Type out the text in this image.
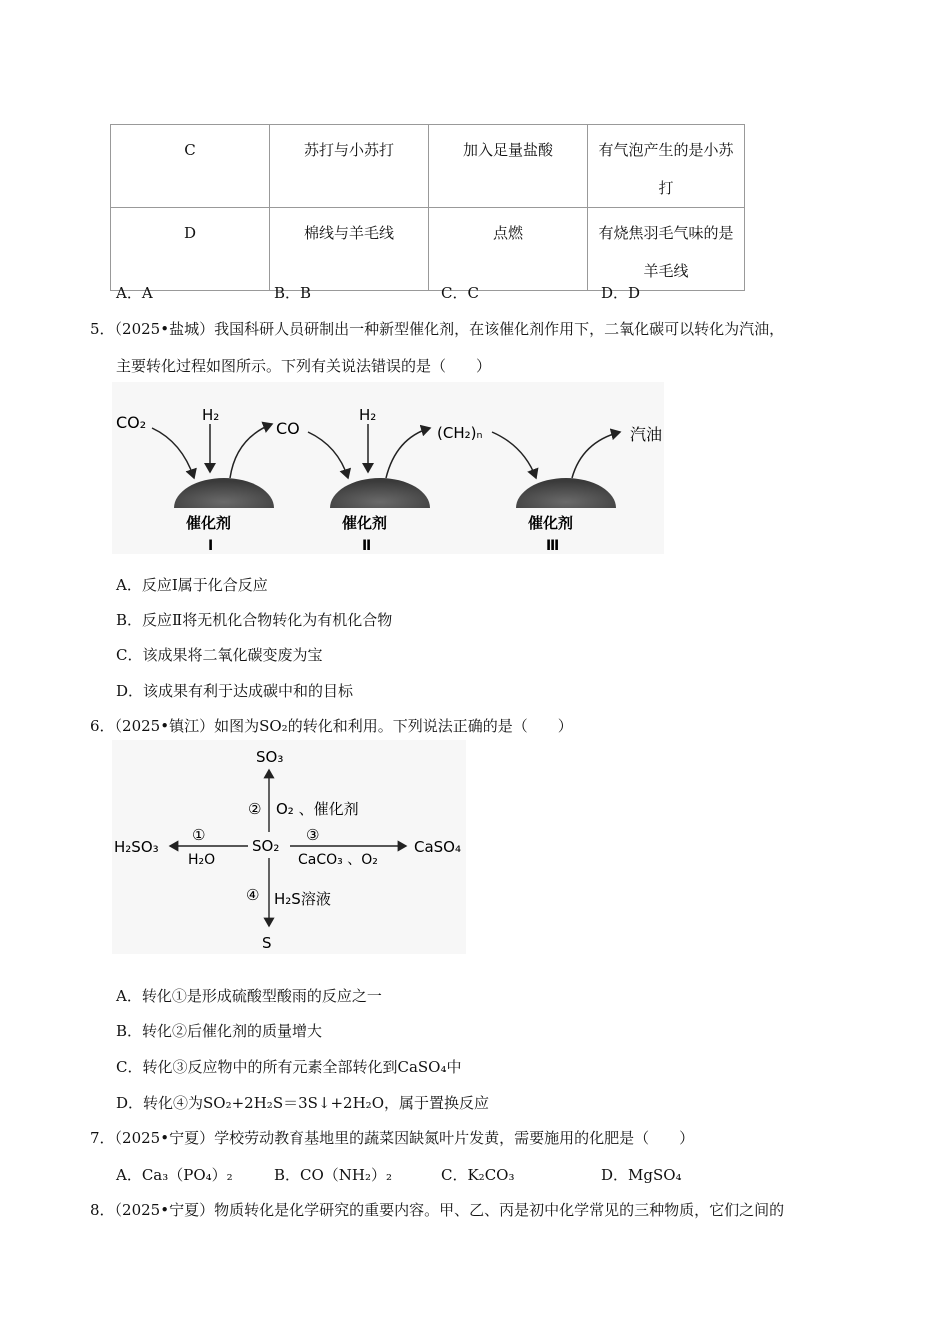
C	苏打与小苏打	加入足量盐酸	有气泡产生的是小苏
打
D	棉线与羊毛线	点燃	有烧焦羽毛气味的是
羊毛线
A．A	B．B	C．C	D．D
5．（2025•盐城）我国科研人员研制出一种新型催化剂，在该催化剂作用下，二氧化碳可以转化为汽油，
主要转化过程如图所示。下列有关说法错误的是（　　）
CO₂	H₂
CO
H₂
(CH₂)ₙ	汽油
催化剂
Ⅰ
催化剂
Ⅱ
催化剂
Ⅲ
A．反应Ⅰ属于化合反应
B．反应Ⅱ将无机化合物转化为有机化合物
C．该成果将二氧化碳变废为宝
D．该成果有利于达成碳中和的目标
6．（2025•镇江）如图为SO₂的转化和利用。下列说法正确的是（　　）
SO₃
SO₂
H₂SO₃	CaSO₄
S
①
H₂O
② O₂ 、催化剂
③
CaCO₃ 、O₂
④ H₂S溶液
A．转化①是形成硫酸型酸雨的反应之一
B．转化②后催化剂的质量增大
C．转化③反应物中的所有元素全部转化到CaSO₄中
D．转化④为SO₂+2H₂S＝3S↓+2H₂O，属于置换反应
7．（2025•宁夏）学校劳动教育基地里的蔬菜因缺氮叶片发黄，需要施用的化肥是（　　）
A．Ca₃（PO₄）₂	B．CO（NH₂）₂	C．K₂CO₃	D．MgSO₄
8．（2025•宁夏）物质转化是化学研究的重要内容。甲、乙、丙是初中化学常见的三种物质，它们之间的
